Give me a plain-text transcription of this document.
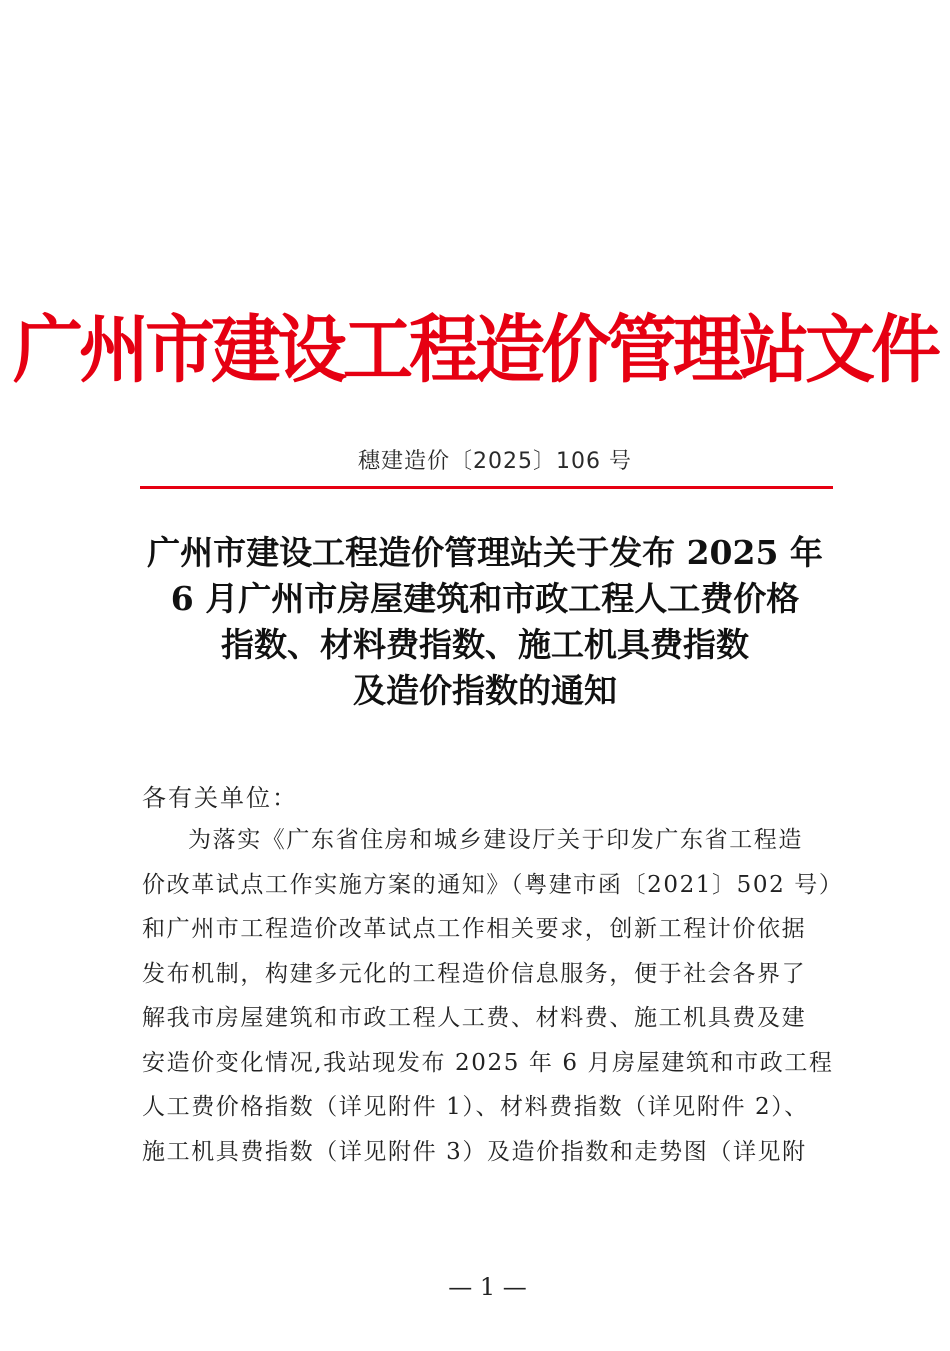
广州市建设工程造价管理站文件
穗建造价〔2025〕106 号
广州市建设工程造价管理站关于发布 2025 年
6 月广州市房屋建筑和市政工程人工费价格
指数、材料费指数、施工机具费指数
及造价指数的通知
各有关单位：
为落实《广东省住房和城乡建设厅关于印发广东省工程造
价改革试点工作实施方案的通知》（粤建市函〔2021〕502 号）
和广州市工程造价改革试点工作相关要求，创新工程计价依据
发布机制，构建多元化的工程造价信息服务，便于社会各界了
解我市房屋建筑和市政工程人工费、材料费、施工机具费及建
安造价变化情况,我站现发布 2025 年 6 月房屋建筑和市政工程
人工费价格指数（详见附件 1）、材料费指数（详见附件 2）、
施工机具费指数（详见附件 3）及造价指数和走势图（详见附
— 1 —
